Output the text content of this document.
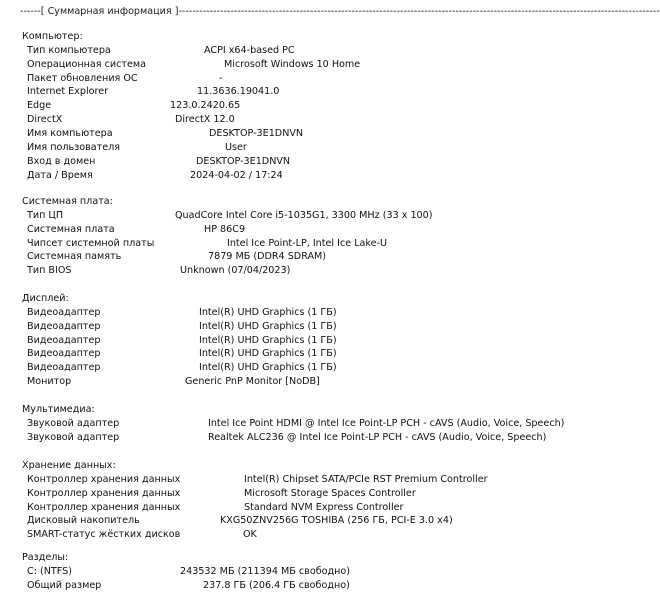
------[ Суммарная информация ]-------------------------------------------------------------------------------------------------------------------------------------------
Компьютер:
Тип компьютера	ACPI x64-based PC
Операционная система	Microsoft Windows 10 Home
Пакет обновления ОС	-
Internet Explorer	11.3636.19041.0
Edge	123.0.2420.65
DirectX	DirectX 12.0
Имя компьютера	DESKTOP-3E1DNVN
Имя пользователя	User
Вход в домен	DESKTOP-3E1DNVN
Дата / Время	2024-04-02 / 17:24
Системная плата:
Тип ЦП	QuadCore Intel Core i5-1035G1, 3300 MHz (33 x 100)
Системная плата	HP 86C9
Чипсет системной платы	Intel Ice Point-LP, Intel Ice Lake-U
Системная память	7879 МБ (DDR4 SDRAM)
Тип BIOS	Unknown (07/04/2023)
Дисплей:
Видеоадаптер	Intel(R) UHD Graphics (1 ГБ)
Видеоадаптер	Intel(R) UHD Graphics (1 ГБ)
Видеоадаптер	Intel(R) UHD Graphics (1 ГБ)
Видеоадаптер	Intel(R) UHD Graphics (1 ГБ)
Видеоадаптер	Intel(R) UHD Graphics (1 ГБ)
Монитор	Generic PnP Monitor [NoDB]
Мультимедиа:
Звуковой адаптер	Intel Ice Point HDMI @ Intel Ice Point-LP PCH - cAVS (Audio, Voice, Speech)
Звуковой адаптер	Realtek ALC236 @ Intel Ice Point-LP PCH - cAVS (Audio, Voice, Speech)
Хранение данных:
Контроллер хранения данных	Intel(R) Chipset SATA/PCIe RST Premium Controller
Контроллер хранения данных	Microsoft Storage Spaces Controller
Контроллер хранения данных	Standard NVM Express Controller
Дисковый накопитель	KXG50ZNV256G TOSHIBA (256 ГБ, PCI-E 3.0 x4)
SMART-статус жёстких дисков	OK
Разделы:
C: (NTFS)	243532 МБ (211394 МБ свободно)
Общий размер	237.8 ГБ (206.4 ГБ свободно)
